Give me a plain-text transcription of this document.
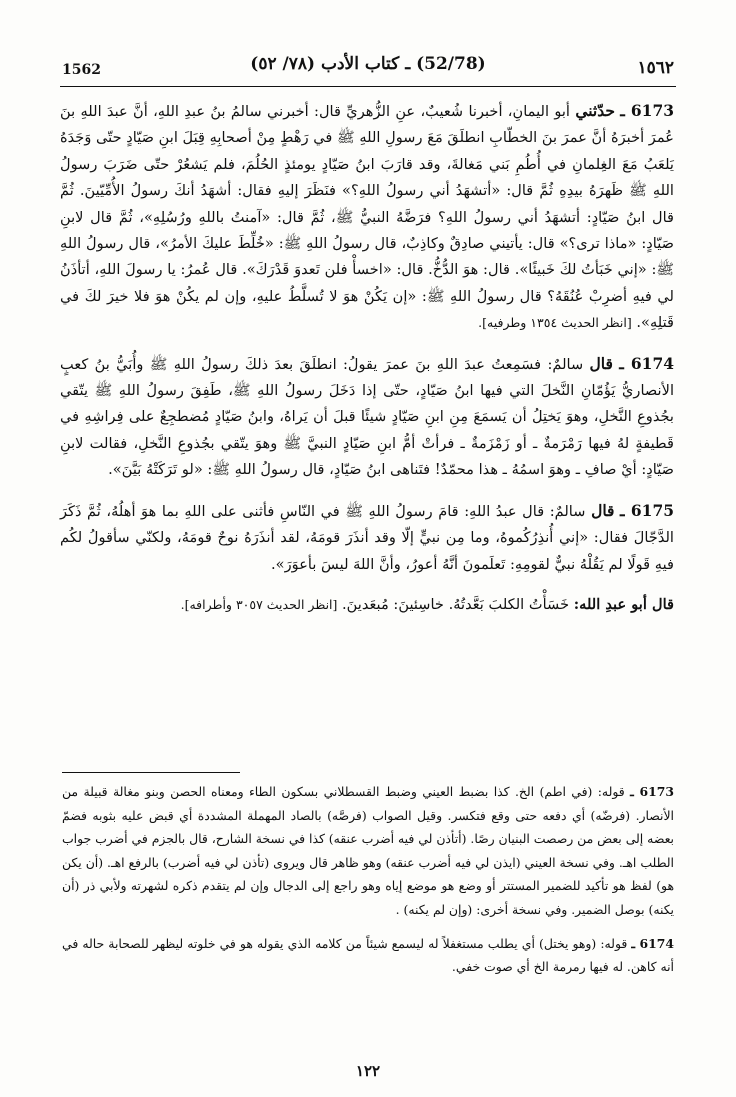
1562	(52/78) ـ كتاب الأدب (٧٨/ ٥٢)	١٥٦٢

6173 ـ حدّثني أبو اليمانِ، أخبرنا شُعيبٌ، عنِ الزُّهريِّ قال: أخبرني سالمُ بنُ عبدِ اللهِ، أنَّ عبدَ اللهِ بنَ عُمرَ أخبرَهُ أنَّ عمرَ بنَ الخطّابِ انطلَقَ مَعَ رسولِ اللهِ ﷺ في رَهْطٍ مِنْ أصحابِهِ قِبَلَ ابنِ صَيّادٍ حتّى وَجَدَهُ يَلعَبُ مَعَ الغِلمانِ في أُطُمِ بَني مَغالةَ، وقد قارَبَ ابنُ صَيّادٍ يومئذٍ الحُلُمَ، فلم يَشعُرْ حتّى ضَرَبَ رسولُ اللهِ ﷺ ظَهرَهُ بيدِهِ ثُمَّ قال: «أتشهَدُ أني رسولُ اللهِ؟» فنَظَرَ إليهِ فقال: أشهَدُ أنكَ رسولُ الأُمِّيّينَ. ثُمَّ قال ابنُ صَيّادٍ: أتشهَدُ أني رسولُ اللهِ؟ فرَضَّهُ النبيُّ ﷺ، ثُمَّ قال: «آمنتُ باللهِ ورُسُلِهِ»، ثُمَّ قال لابنِ صَيّادٍ: «ماذا ترى؟» قال: يأتيني صادِقٌ وكاذِبٌ، قال رسولُ اللهِ ﷺ: «خُلِّطَ عليكَ الأمرُ»، قال رسولُ اللهِ ﷺ: «إني خَبَأتُ لكَ خَبيئًا». قال: هوَ الدُّخُّ. قال: «اخسأْ فلن تَعدوَ قَدْرَكَ». قال عُمرُ: يا رسولَ اللهِ، أتأذَنُ لي فيهِ أضرِبْ عُنُقَهُ؟ قال رسولُ اللهِ ﷺ: «إن يَكُنْ هوَ لا تُسلَّطُ عليهِ، وإن لم يكُنْ هوَ فلا خيرَ لكَ في قَتلِهِ». [انظر الحديث ١٣٥٤ وطرفيه].

6174 ـ قال سالمٌ: فسَمِعتُ عبدَ اللهِ بنَ عمرَ يقولُ: انطلَقَ بعدَ ذلكَ رسولُ اللهِ ﷺ وأُبَيُّ بنُ كعبٍ الأنصاريُّ يَؤُمّانِ النَّخلَ التي فيها ابنُ صَيّادٍ، حتّى إذا دَخَلَ رسولُ اللهِ ﷺ، طَفِقَ رسولُ اللهِ ﷺ يتّقي بجُذوعِ النَّخلِ، وهوَ يَختِلُ أن يَسمَعَ مِنِ ابنِ صَيّادٍ شيئًا قبلَ أن يَراهُ، وابنُ صَيّادٍ مُضطجِعٌ على فِراشِهِ في قَطيفةٍ لهُ فيها رَمْرَمةٌ ـ أو زَمْزَمةٌ ـ فرأتْ أمُّ ابنِ صَيّادٍ النبيَّ ﷺ وهوَ يتّقي بجُذوعِ النَّخلِ، فقالت لابنِ صَيّادٍ: أيْ صافِ ـ وهوَ اسمُهُ ـ هذا محمّدٌ! فتَناهى ابنُ صَيّادٍ، قال رسولُ اللهِ ﷺ: «لو تَرَكَتْهُ بَيَّنَ».

6175 ـ قال سالمٌ: قال عبدُ اللهِ: قامَ رسولُ اللهِ ﷺ في النّاسِ فأثنى على اللهِ بما هوَ أهلُهُ، ثُمَّ ذَكَرَ الدَّجّالَ فقال: «إني أُنذِرُكُموهُ، وما مِن نبيٍّ إلّا وقد أنذَرَ قومَهُ، لقد أنذَرَهُ نوحٌ قومَهُ، ولكنّي سأقولُ لكُم فيهِ قَولًا لم يَقُلْهُ نبيٌّ لقومِهِ: تَعلَمونَ أنَّهُ أعورُ، وأنَّ اللهَ ليسَ بأعوَرَ».

قال أبو عبدِ الله: خَسَأْتُ الكلبَ بَعَّدتُهُ. خاسِئينَ: مُبعَدينَ. [انظر الحديث ٣٠٥٧ وأطرافه].

6173 ـ قوله: (في اطم) الخ. كذا بضبط العيني وضبط القسطلاني بسكون الطاء ومعناه الحصن وبنو مغالة قبيلة من الأنصار. (فرضّه) أي دفعه حتى وقع فتكسر. وقيل الصواب (فرصَّه) بالصاد المهملة المشددة أي قبض عليه بثوبه فضمّ بعضه إلى بعض من رصصت البنيان رصًا. (أتأذن لي فيه أضرب عنقه) كذا في نسخة الشارح، قال بالجزم في أضرب جواب الطلب اهـ. وفي نسخة العيني (ايذن لي فيه أضرب عنقه) وهو ظاهر قال ويروى (تأذن لي فيه أضرب) بالرفع اهـ. (أن يكن هو) لفظ هو تأكيد للضمير المستتر أو وضع هو موضع إياه وهو راجع إلى الدجال وإن لم يتقدم ذكره لشهرته ولأبي ذر (أن يكنه) بوصل الضمير. وفي نسخة أخرى: (وإن لم يكنه) .

6174 ـ قوله: (وهو يختل) أي يطلب مستغفلاً له ليسمع شيئاً من كلامه الذي يقوله هو في خلوته ليظهر للصحابة حاله في أنه كاهن. له فيها رمرمة الخ أي صوت خفي.

١٢٢
